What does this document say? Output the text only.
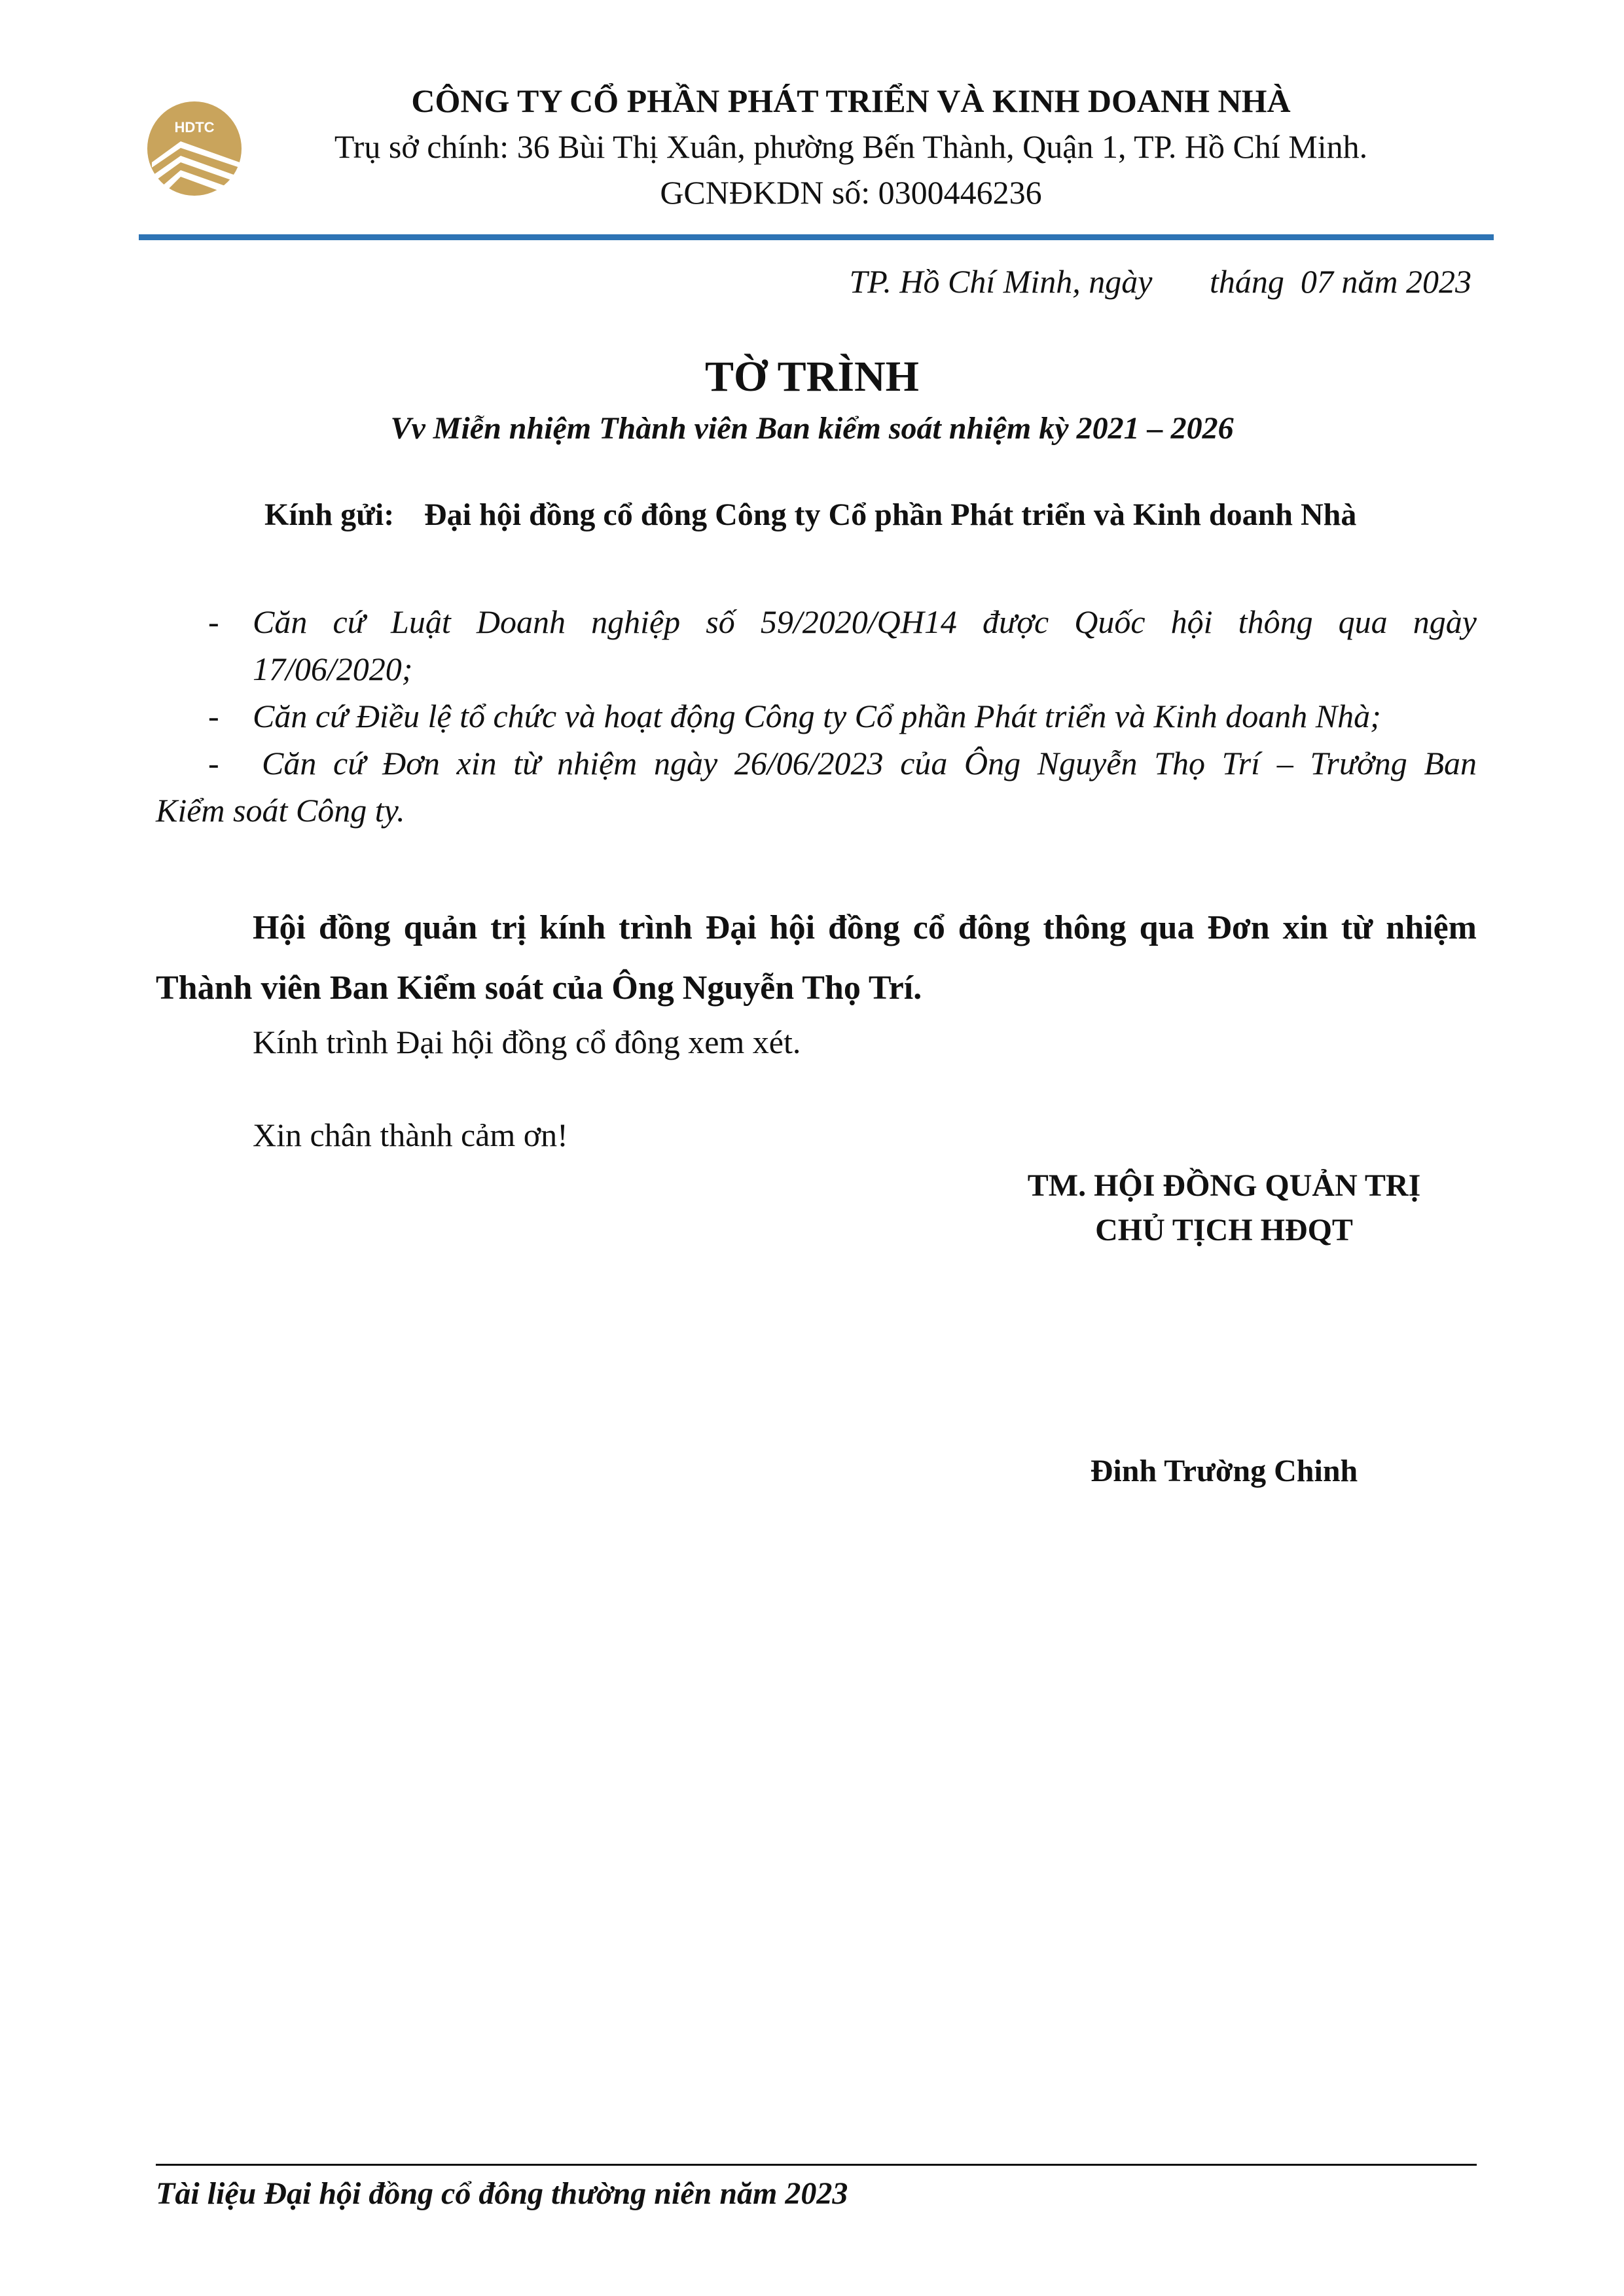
HDTC
CÔNG TY CỔ PHẦN PHÁT TRIỂN VÀ KINH DOANH NHÀ
Trụ sở chính: 36 Bùi Thị Xuân, phường Bến Thành, Quận 1, TP. Hồ Chí Minh.
GCNĐKDN số: 0300446236
TP. Hồ Chí Minh, ngày       tháng  07 năm 2023
TỜ TRÌNH
Vv Miễn nhiệm Thành viên Ban kiểm soát nhiệm kỳ 2021 – 2026
Kính gửi: Đại hội đồng cổ đông Công ty Cổ phần Phát triển và Kinh doanh Nhà
- Căn cứ Luật Doanh nghiệp số 59/2020/QH14 được Quốc hội thông qua ngày
17/06/2020;
- Căn cứ Điều lệ tổ chức và hoạt động Công ty Cổ phần Phát triển và Kinh doanh Nhà;
- Căn cứ Đơn xin từ nhiệm ngày 26/06/2023 của Ông Nguyễn Thọ Trí – Trưởng Ban
Kiểm soát Công ty.
Hội đồng quản trị kính trình Đại hội đồng cổ đông thông qua Đơn xin từ nhiệm
Thành viên Ban Kiểm soát của Ông Nguyễn Thọ Trí.
Kính trình Đại hội đồng cổ đông xem xét.
Xin chân thành cảm ơn!
TM. HỘI ĐỒNG QUẢN TRỊ
CHỦ TỊCH HĐQT
Đinh Trường Chinh
Tài liệu Đại hội đồng cổ đông thường niên năm 2023
